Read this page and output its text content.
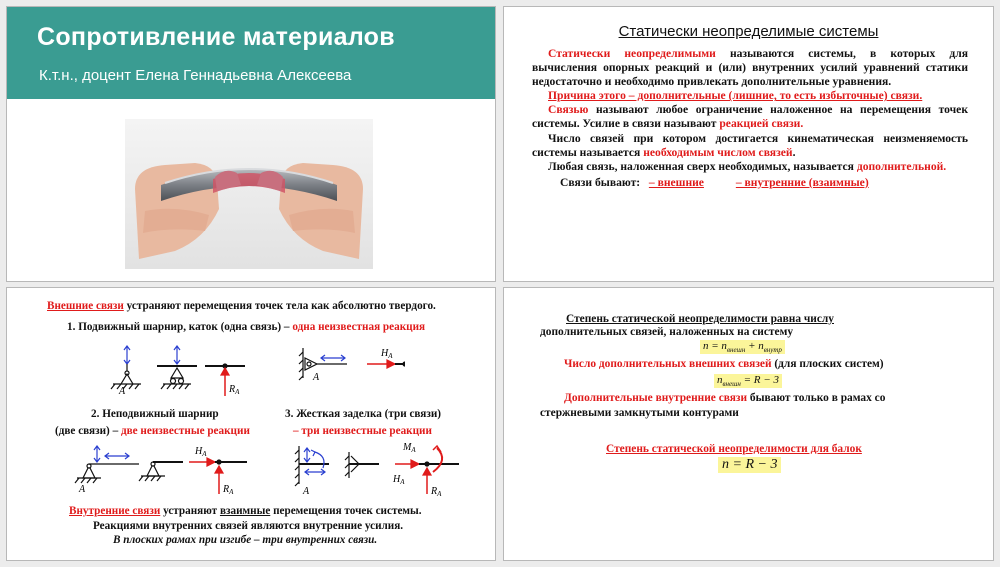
Сопротивление материалов
К.т.н., доцент Елена Геннадьевна Алексеева
Статически неопределимые системы

Статически неопределимыми называются системы, в которых для вычисления опорных реакций и (или) внутренних усилий уравнений статики недостаточно и необходимо привлекать дополнительные уравнения.

Причина этого – дополнительные (лишние, то есть избыточные) связи.

Связью называют любое ограничение наложенное на перемещения точек системы. Усилие в связи называют реакцией связи.

Число связей при котором достигается кинематическая неизменяемость системы называется необходимым числом связей.

Любая связь, наложенная сверх необходимых, называется дополнительной.

Связи бывают: – внешние	– внутренние (взаимные)

Внешние связи устраняют перемещения точек тела как абсолютно твердого.
1. Подвижный шарнир, каток (одна связь) – одна неизвестная реакция
A	$R_A$
A
$H_A$
2. Неподвижный шарнир
(две связи) – две неизвестные реакции
3. Жесткая заделка (три связи)
– три неизвестные реакции
A
$H_A$
$R_A$	A
$M_A$
$H_A$
$R_A$
Внутренние связи устраняют взаимные перемещения точек системы.
Реакциями внутренних связей являются внутренние усилия.
В плоских рамах при изгибе – три внутренних связи.
Степень статической неопределимости равна числу
дополнительных связей, наложенных на систему
$n = n_{внешн} + n_{внутр}$
Число дополнительных внешних связей (для плоских систем)
$n_{внешн} = R - 3$
Дополнительные внутренние связи бывают только в рамах со
стержневыми замкнутыми контурами
Степень статической неопределимости для балок
n = R − 3
